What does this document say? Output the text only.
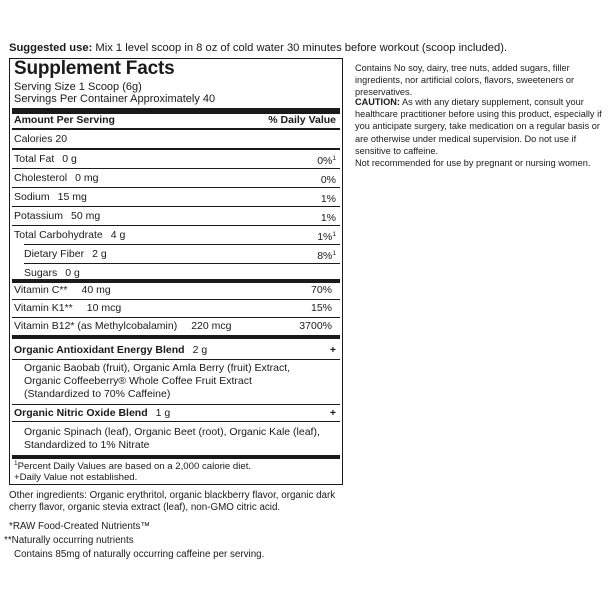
Suggested use: Mix 1 level scoop in 8 oz of cold water 30 minutes before workout (scoop included).
Supplement Facts
Serving Size 1 Scoop (6g)
Servings Per Container Approximately 40
Amount Per Serving	% Daily Value
Calories 20
Total Fat 0 g	0%$^1$
Cholesterol 0 mg	0%
Sodium 15 mg	1%
Potassium 50 mg	1%
Total Carbohydrate 4 g	1%$^1$
Dietary Fiber 2 g	8%$^1$
Sugars 0 g
Vitamin C** 40 mg	70%
Vitamin K1** 10 mcg	15%
Vitamin B12* (as Methylcobalamin) 220 mcg	3700%
Organic Antioxidant Energy Blend 2 g	+
Organic Baobab (fruit), Organic Amla Berry (fruit) Extract,
Organic Coffeeberry® Whole Coffee Fruit Extract
(Standardized to 70% Caffeine)
Organic Nitric Oxide Blend 1 g	+
Organic Spinach (leaf), Organic Beet (root), Organic Kale (leaf),
Standardized to 1% Nitrate
$^1$Percent Daily Values are based on a 2,000 calorie diet.
+Daily Value not established.
Other ingredients: Organic erythritol, organic blackberry flavor, organic dark cherry flavor, organic stevia extract (leaf), non-GMO citric acid.
*RAW Food-Created Nutrients™
**Naturally occurring nutrients
Contains 85mg of naturally occurring caffeine per serving.
Contains No soy, dairy, tree nuts, added sugars, filler ingredients, nor artificial colors, flavors, sweeteners or preservatives.
CAUTION: As with any dietary supplement, consult your healthcare practitioner before using this product, especially if you anticipate surgery, take medication on a regular basis or are otherwise under medical supervision. Do not use if sensitive to caffeine.
Not recommended for use by pregnant or nursing women.
